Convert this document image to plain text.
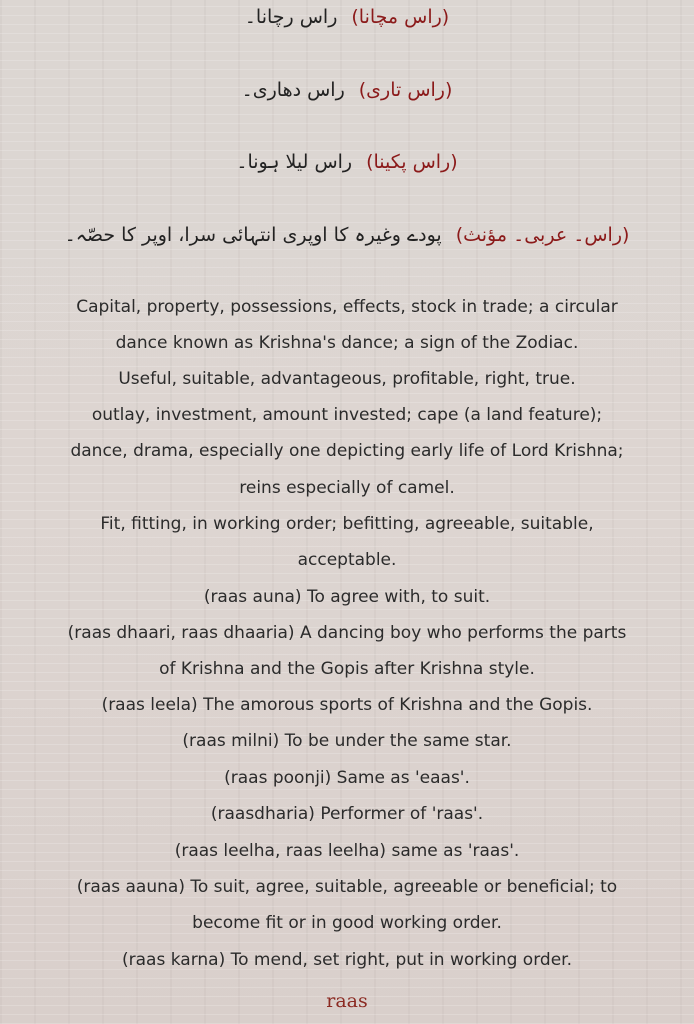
(راس مچانا)راس رچانا۔
(راس تاری)راس دھاری۔
(راس پکینا)راس لیلا ہونا۔
(راس۔ عربی۔ مؤنث)پودے وغیرہ کا اوپری انتہائی سرا، اوپر کا حصّہ۔
Capital, property, possessions, effects, stock in trade; a circular
dance known as Krishna's dance; a sign of the Zodiac.
Useful, suitable, advantageous, profitable, right, true.
outlay, investment, amount invested; cape (a land feature);
dance, drama, especially one depicting early life of Lord Krishna;
reins especially of camel.
Fit, fitting, in working order; befitting, agreeable, suitable,
acceptable.
(raas auna) To agree with, to suit.
(raas dhaari, raas dhaaria) A dancing boy who performs the parts
of Krishna and the Gopis after Krishna style.
(raas leela) The amorous sports of Krishna and the Gopis.
(raas milni) To be under the same star.
(raas poonji) Same as 'eaas'.
(raasdharia) Performer of 'raas'.
(raas leelha, raas leelha) same as 'raas'.
(raas aauna) To suit, agree, suitable, agreeable or beneficial; to
become fit or in good working order.
(raas karna) To mend, set right, put in working order.
raas
